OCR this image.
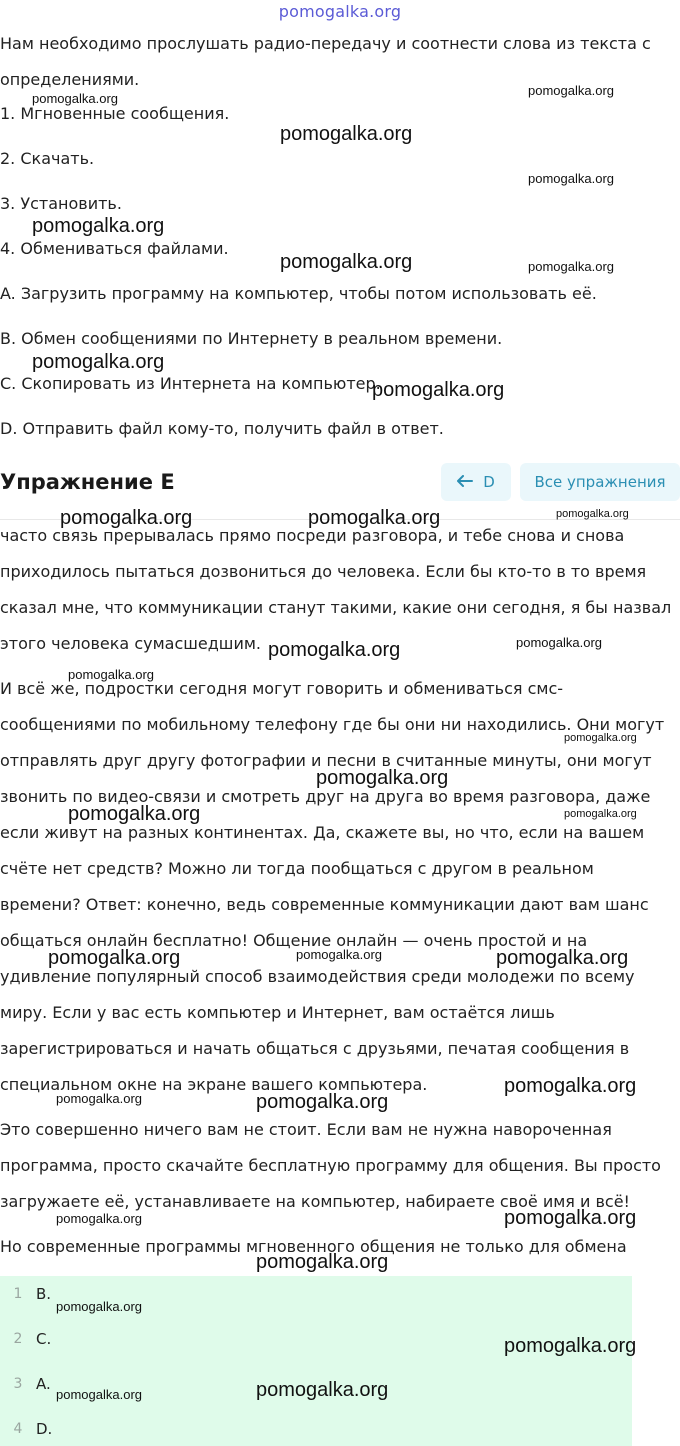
pomogalka.org
Нам необходимо прослушать радио-передачу и соотнести слова из текста с
определениями.
1. Мгновенные сообщения.
2. Скачать.
3. Установить.
4. Обмениваться файлами.
A. Загрузить программу на компьютер, чтобы потом использовать её.
B. Обмен сообщениями по Интернету в реальном времени.
C. Скопировать из Интернета на компьютер.
D. Отправить файл кому-то, получить файл в ответ.
Упражнение E	D	Все упражнения
часто связь прерывалась прямо посреди разговора, и тебе снова и снова
приходилось пытаться дозвониться до человека. Если бы кто-то в то время
сказал мне, что коммуникации станут такими, какие они сегодня, я бы назвал
этого человека сумасшедшим.
И всё же, подростки сегодня могут говорить и обмениваться смс-
сообщениями по мобильному телефону где бы они ни находились. Они могут
отправлять друг другу фотографии и песни в считанные минуты, они могут
звонить по видео-связи и смотреть друг на друга во время разговора, даже
если живут на разных континентах. Да, скажете вы, но что, если на вашем
счёте нет средств? Можно ли тогда пообщаться с другом в реальном
времени? Ответ: конечно, ведь современные коммуникации дают вам шанс
общаться онлайн бесплатно! Общение онлайн — очень простой и на
удивление популярный способ взаимодействия среди молодежи по всему
миру. Если у вас есть компьютер и Интернет, вам остаётся лишь
зарегистрироваться и начать общаться с друзьями, печатая сообщения в
специальном окне на экране вашего компьютера.
Это совершенно ничего вам не стоит. Если вам не нужна навороченная
программа, просто скачайте бесплатную программу для общения. Вы просто
загружаете её, устанавливаете на компьютер, набираете своё имя и всё!
Но современные программы мгновенного общения не только для обмена
1 B.
2 C.
3 A.
4 D.
pomogalka.org
pomogalka.org
pomogalka.org
pomogalka.org
pomogalka.org
pomogalka.org	pomogalka.org
pomogalka.org
pomogalka.org
pomogalka.org	pomogalka.org	pomogalka.org
pomogalka.org	pomogalka.org
pomogalka.org
pomogalka.org
pomogalka.org
pomogalka.org	pomogalka.org
pomogalka.org	pomogalka.org	pomogalka.org
pomogalka.org
pomogalka.org	pomogalka.org
pomogalka.org	pomogalka.org
pomogalka.org
pomogalka.org
pomogalka.org
pomogalka.org	pomogalka.org
